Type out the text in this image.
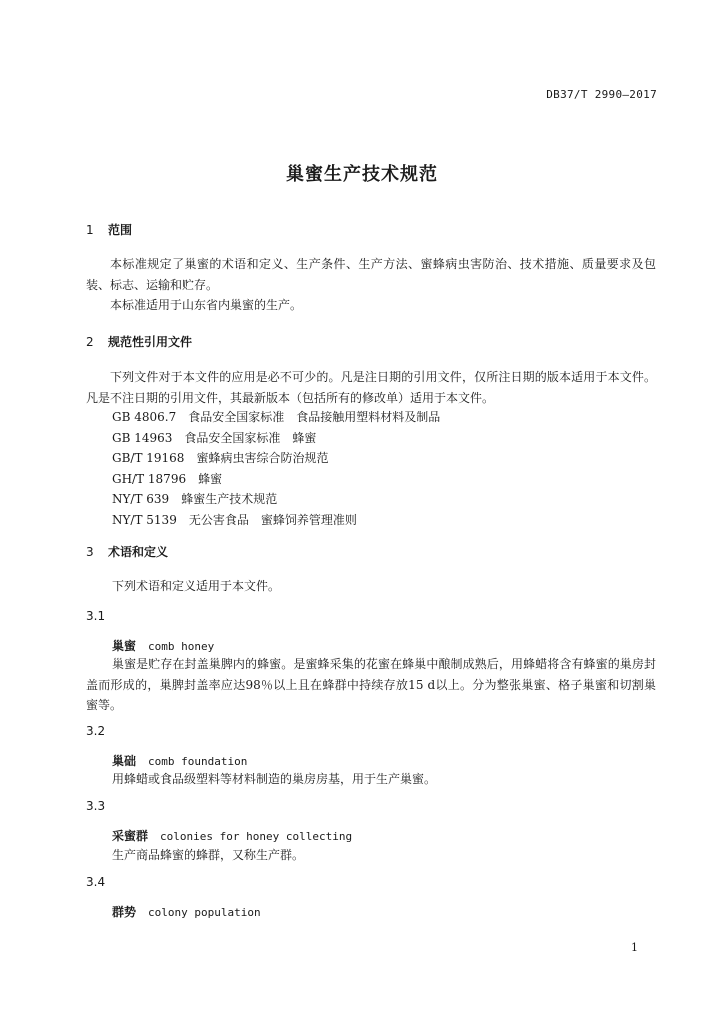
DB37/T 2990—2017
巢蜜生产技术规范
1 范围
本标准规定了巢蜜的术语和定义、生产条件、生产方法、蜜蜂病虫害防治、技术措施、质量要求及包装、标志、运输和贮存。
本标准适用于山东省内巢蜜的生产。
2 规范性引用文件
下列文件对于本文件的应用是必不可少的。凡是注日期的引用文件，仅所注日期的版本适用于本文件。凡是不注日期的引用文件，其最新版本（包括所有的修改单）适用于本文件。
GB 4806.7　食品安全国家标准　食品接触用塑料材料及制品
GB 14963　食品安全国家标准　蜂蜜
GB/T 19168　蜜蜂病虫害综合防治规范
GH/T 18796　蜂蜜
NY/T 639　蜂蜜生产技术规范
NY/T 5139　无公害食品　蜜蜂饲养管理准则
3 术语和定义
下列术语和定义适用于本文件。
3.1
巢蜜 comb honey
巢蜜是贮存在封盖巢脾内的蜂蜜。是蜜蜂采集的花蜜在蜂巢中酿制成熟后，用蜂蜡将含有蜂蜜的巢房封盖而形成的，巢脾封盖率应达98％以上且在蜂群中持续存放15 d以上。分为整张巢蜜、格子巢蜜和切割巢蜜等。
3.2
巢础 comb foundation
用蜂蜡或食品级塑料等材料制造的巢房房基，用于生产巢蜜。
3.3
采蜜群 colonies for honey collecting
生产商品蜂蜜的蜂群，又称生产群。
3.4
群势 colony population
1
